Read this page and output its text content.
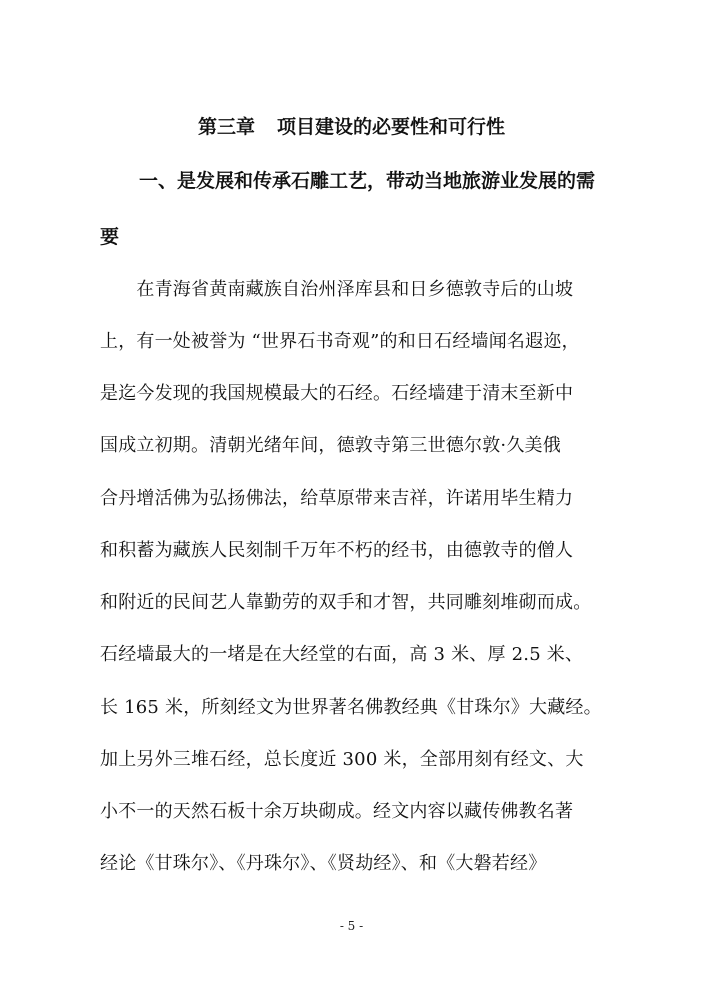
第三章 项目建设的必要性和可行性
一、是发展和传承石雕工艺，带动当地旅游业发展的需
要
　　在青海省黄南藏族自治州泽库县和日乡德敦寺后的山坡
上，有一处被誉为 “世界石书奇观”的和日石经墙闻名遐迩，
是迄今发现的我国规模最大的石经。石经墙建于清末至新中
国成立初期。清朝光绪年间，德敦寺第三世德尔敦·久美俄
合丹增活佛为弘扬佛法，给草原带来吉祥，许诺用毕生精力
和积蓄为藏族人民刻制千万年不朽的经书，由德敦寺的僧人
和附近的民间艺人靠勤劳的双手和才智，共同雕刻堆砌而成。
石经墙最大的一堵是在大经堂的右面，高 3 米、厚 2.5 米、
长 165 米，所刻经文为世界著名佛教经典《甘珠尔》大藏经。
加上另外三堆石经，总长度近 300 米，全部用刻有经文、大
小不一的天然石板十余万块砌成。经文内容以藏传佛教名著
经论《甘珠尔》、《丹珠尔》、《贤劫经》、和《大磐若经》
- 5 -
